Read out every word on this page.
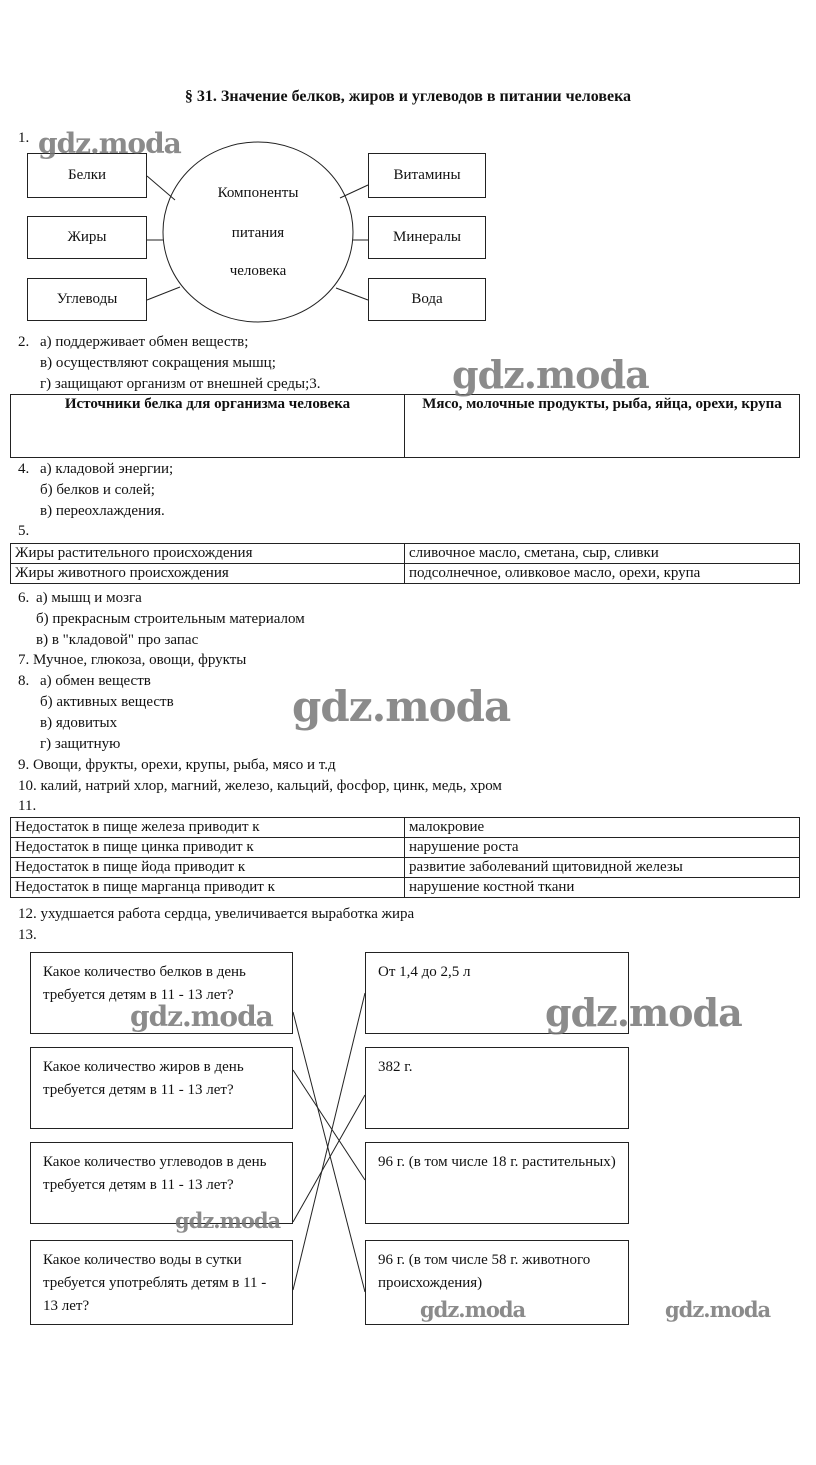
§ 31. Значение белков, жиров и углеводов в питании человека
1.
Белки
Жиры
Углеводы
Витамины
Минералы
Вода
Компоненты
питания
человека
2. а) поддерживает обмен веществ;
в) осуществляют сокращения мышц;
г) защищают организм от внешней среды;3.
Источники белка для организма человека	Мясо, молочные продукты, рыба, яйца, орехи, крупа
4. а) кладовой энергии;
б) белков и солей;
в) переохлаждения.
5.
Жиры растительного происхождения	сливочное масло, сметана, сыр, сливки
Жиры животного происхождения	подсолнечное, оливковое масло, орехи, крупа
6. а) мышц и мозга
б) прекрасным строительным материалом
в) в "кладовой" про запас
7. Мучное, глюкоза, овощи, фрукты
8. а) обмен веществ
б) активных веществ
в) ядовитых
г) защитную
9. Овощи, фрукты, орехи, крупы, рыба, мясо и т.д
10. калий, натрий хлор, магний, железо, кальций, фосфор, цинк, медь, хром
11.
Недостаток в пище железа приводит к	малокровие
Недостаток в пище цинка приводит к	нарушение роста
Недостаток в пище йода приводит к	развитие заболеваний щитовидной железы
Недостаток в пище марганца приводит к	нарушение костной ткани
12. ухудшается работа сердца, увеличивается выработка жира
13.
Какое количество белков в день требуется детям в 11 - 13 лет?
Какое количество жиров в день требуется детям в 11 - 13 лет?
Какое количество углеводов в день требуется детям в 11 - 13 лет?
Какое количество воды в сутки требуется употреблять детям в 11 - 13 лет?
От 1,4 до 2,5 л
382 г.
96 г. (в том числе 18 г. растительных)
96 г. (в том числе 58 г. животного происхождения)
gdz.moda
gdz.moda
gdz.moda
gdz.moda	gdz.moda
gdz.moda
gdz.moda	gdz.moda
